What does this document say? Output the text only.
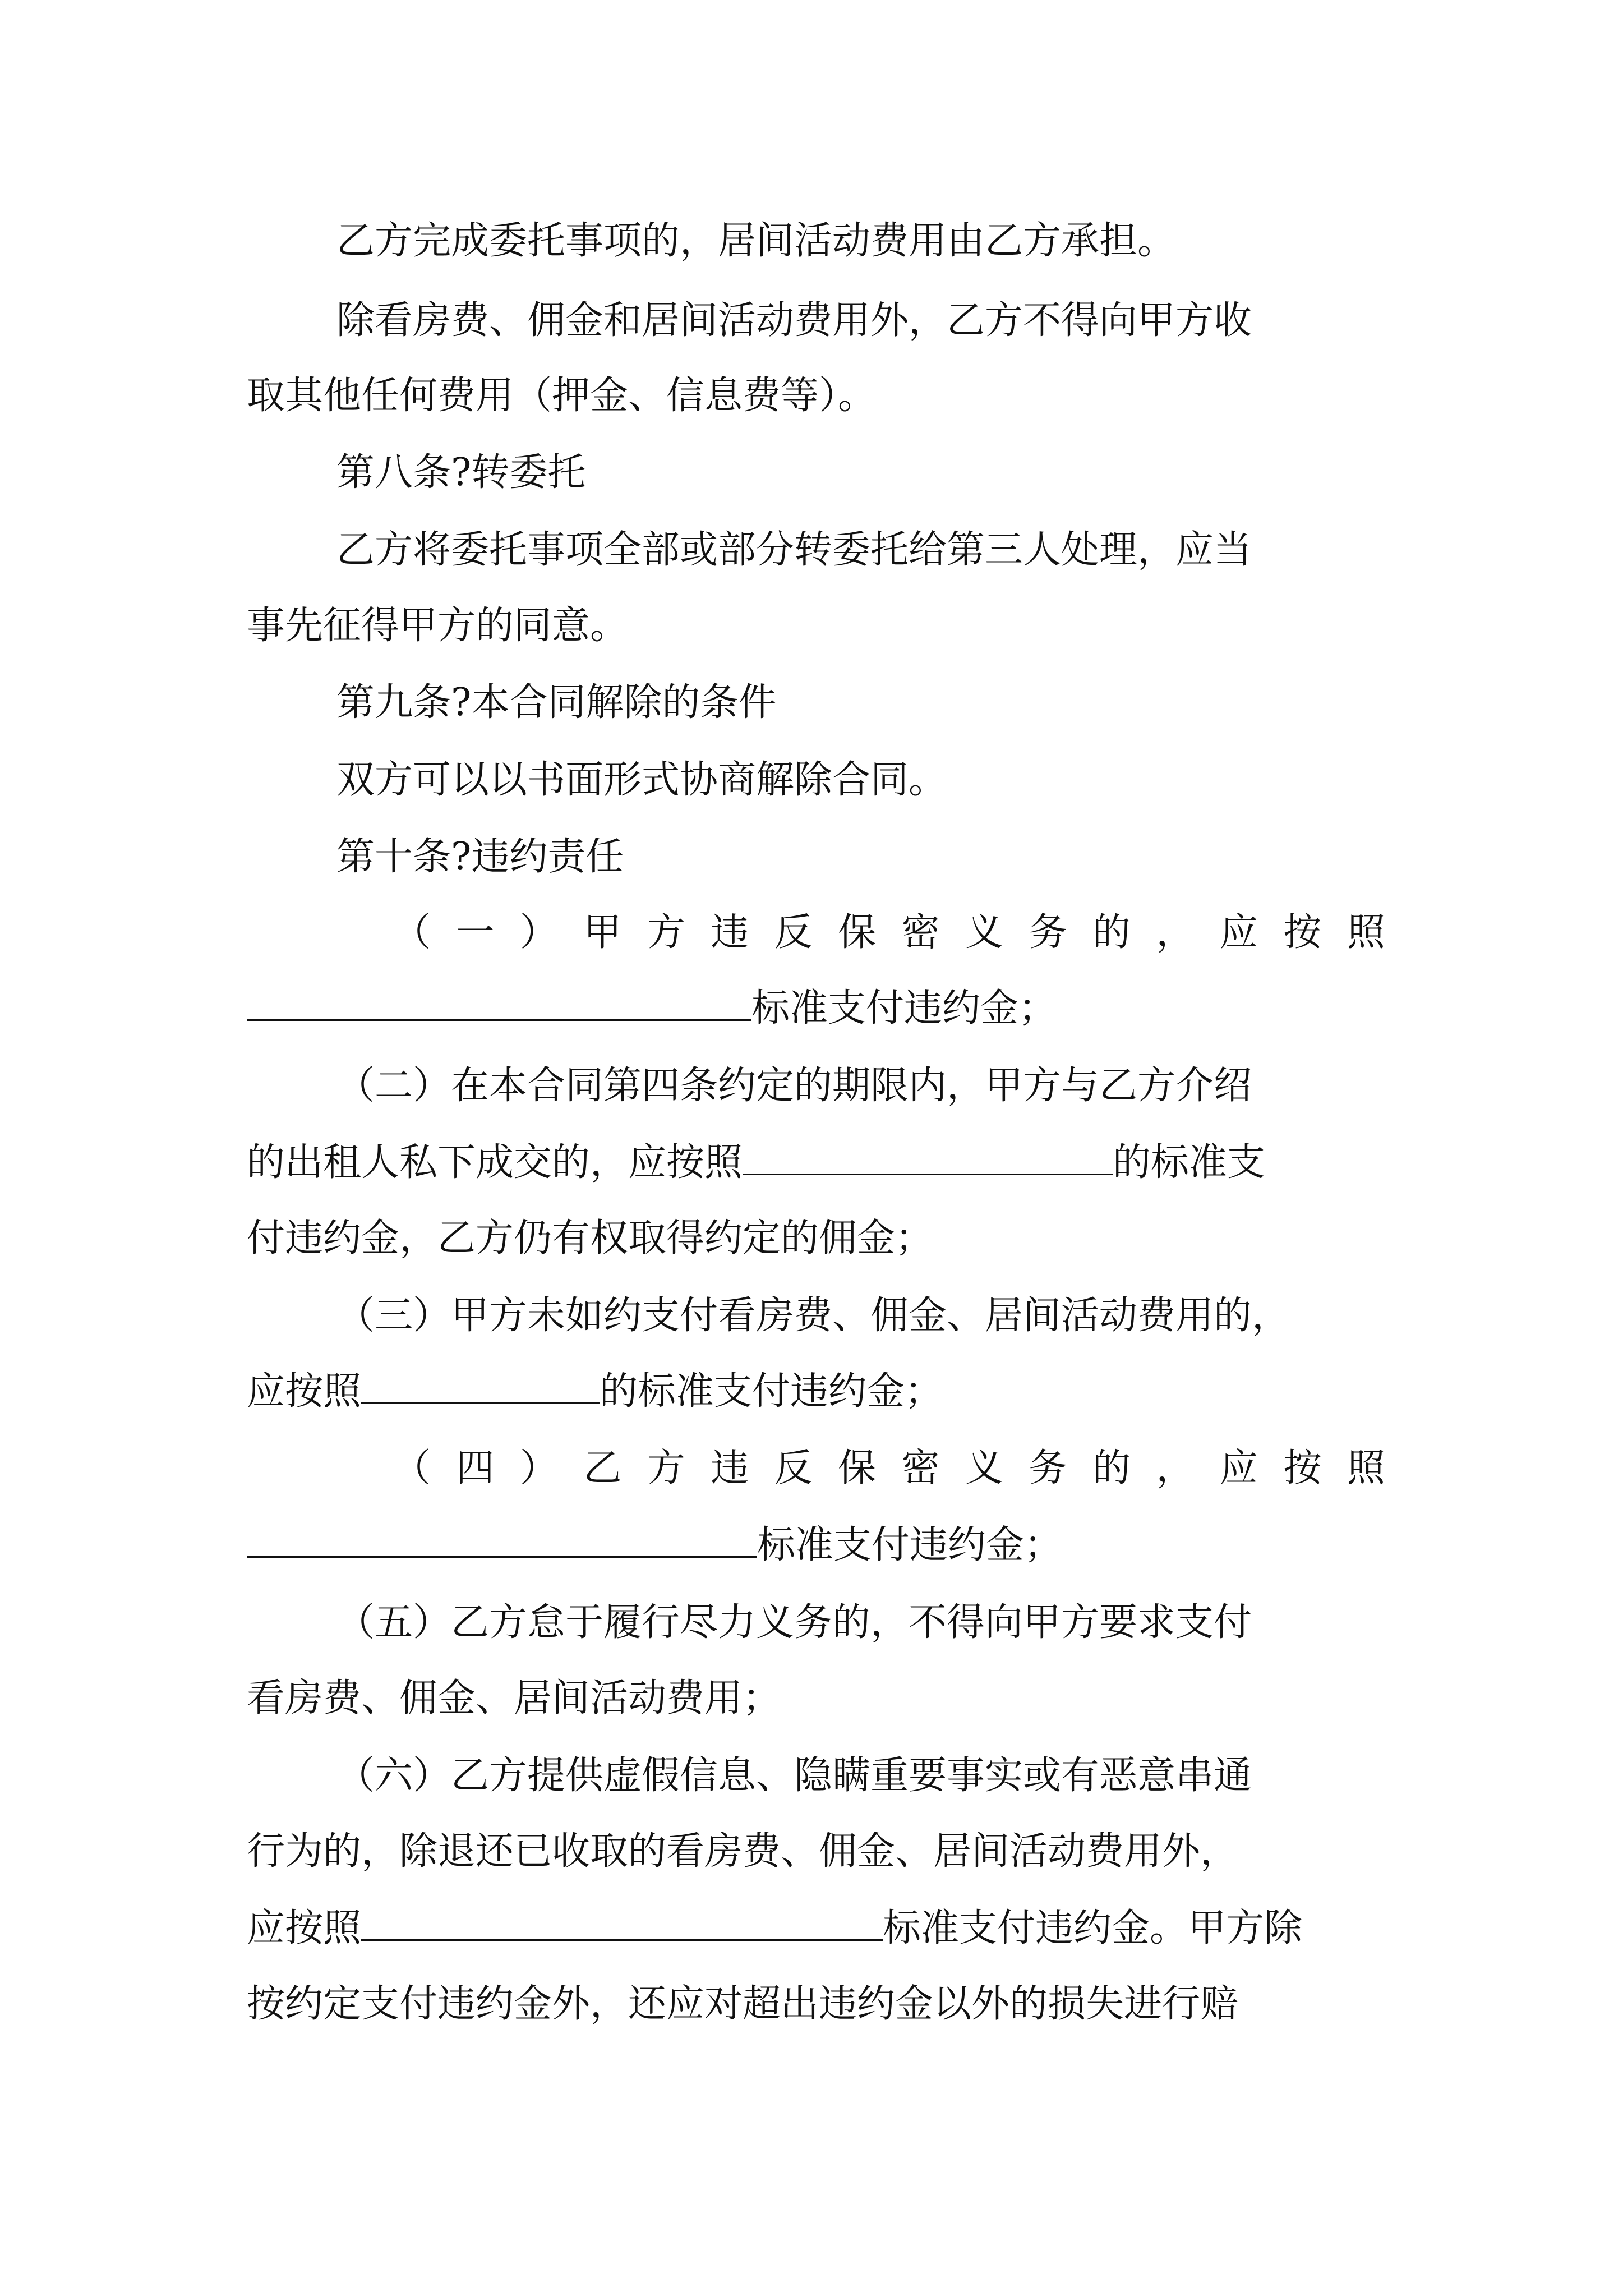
乙方完成委托事项的，居间活动费用由乙方承担。
除看房费、佣金和居间活动费用外，乙方不得向甲方收
取其他任何费用（押金、信息费等）。
第八条?转委托
乙方将委托事项全部或部分转委托给第三人处理，应当
事先征得甲方的同意。
第九条?本合同解除的条件
双方可以以书面形式协商解除合同。
第十条?违约责任
（ 一 ） 甲 方 违 反 保 密 义 务 的 ， 应 按 照
标准支付违约金；
（二）在本合同第四条约定的期限内，甲方与乙方介绍
的出租人私下成交的，应按照	的标准支
付违约金，乙方仍有权取得约定的佣金；
（三）甲方未如约支付看房费、佣金、居间活动费用的，
应按照	的标准支付违约金；
（ 四 ） 乙 方 违 反 保 密 义 务 的 ， 应 按 照
标准支付违约金；
（五）乙方怠于履行尽力义务的，不得向甲方要求支付
看房费、佣金、居间活动费用；
（六）乙方提供虚假信息、隐瞒重要事实或有恶意串通
行为的，除退还已收取的看房费、佣金、居间活动费用外，
应按照	标准支付违约金。甲方除
按约定支付违约金外，还应对超出违约金以外的损失进行赔
